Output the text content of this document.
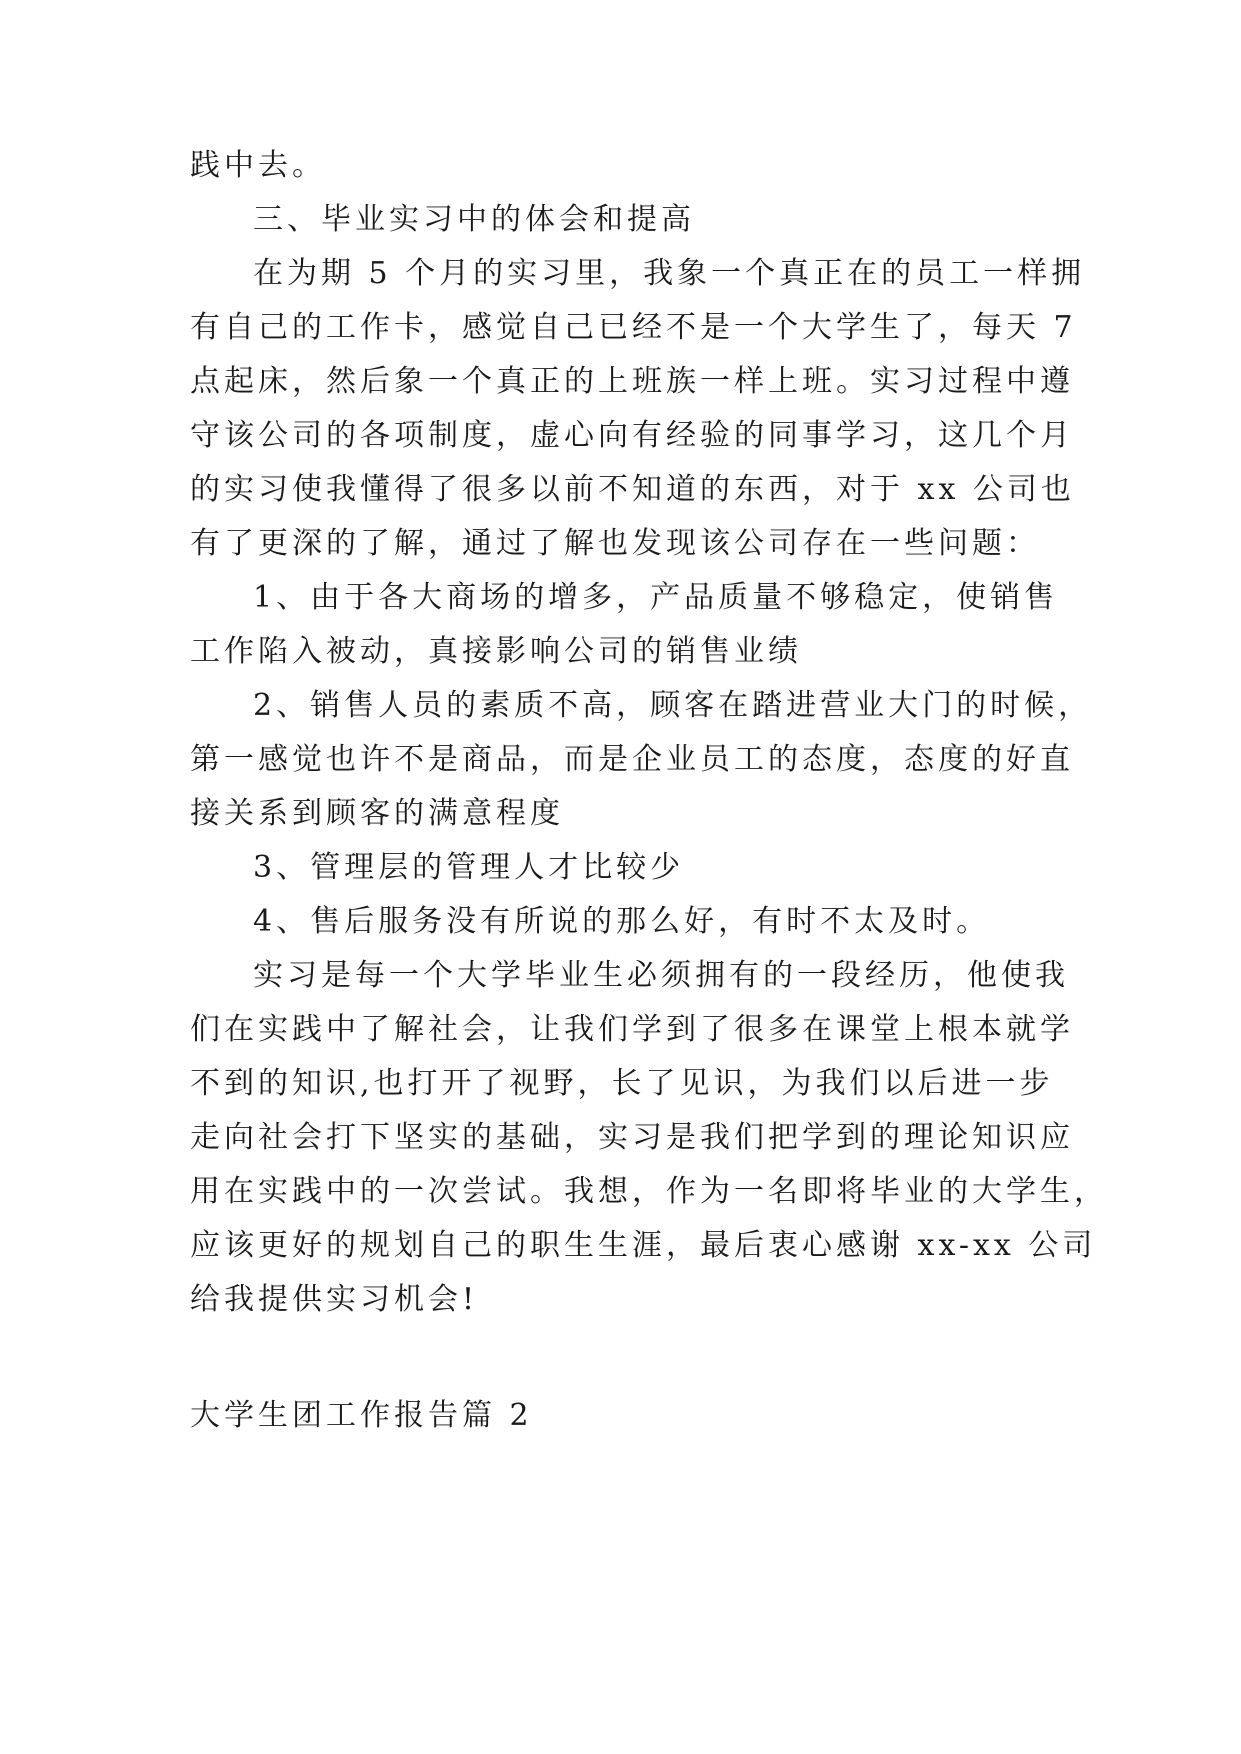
践中去。
三、毕业实习中的体会和提高
在为期 5 个月的实习里，我象一个真正在的员工一样拥
有自己的工作卡，感觉自己已经不是一个大学生了，每天 7
点起床，然后象一个真正的上班族一样上班。实习过程中遵
守该公司的各项制度，虚心向有经验的同事学习，这几个月
的实习使我懂得了很多以前不知道的东西，对于 xx 公司也
有了更深的了解，通过了解也发现该公司存在一些问题：
1、由于各大商场的增多，产品质量不够稳定，使销售
工作陷入被动，真接影响公司的销售业绩
2、销售人员的素质不高，顾客在踏进营业大门的时候，
第一感觉也许不是商品，而是企业员工的态度，态度的好直
接关系到顾客的满意程度
3、管理层的管理人才比较少
4、售后服务没有所说的那么好，有时不太及时。
实习是每一个大学毕业生必须拥有的一段经历，他使我
们在实践中了解社会，让我们学到了很多在课堂上根本就学
不到的知识,也打开了视野，长了见识，为我们以后进一步
走向社会打下坚实的基础，实习是我们把学到的理论知识应
用在实践中的一次尝试。我想，作为一名即将毕业的大学生，
应该更好的规划自己的职生生涯，最后衷心感谢 xx-xx 公司
给我提供实习机会!
大学生团工作报告篇 2
